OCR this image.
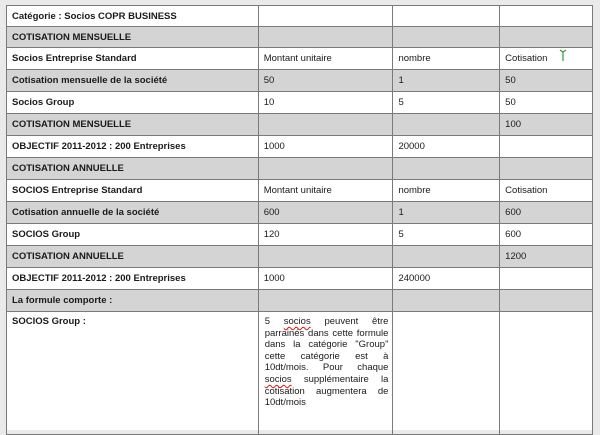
Catégorie : Socios COPR BUSINESS			
COTISATION MENSUELLE			
Socios Entreprise Standard	Montant unitaire	nombre	Cotisation
Cotisation mensuelle de la société	50	1	50
Socios Group	10	5	50
COTISATION MENSUELLE			100
OBJECTIF 2011-2012 : 200 Entreprises	1000	20000	
COTISATION ANNUELLE			
SOCIOS Entreprise Standard	Montant unitaire	nombre	Cotisation
Cotisation annuelle de la société	600	1	600
SOCIOS Group	120	5	600
COTISATION ANNUELLE			1200
OBJECTIF 2011-2012 : 200 Entreprises	1000	240000	
La formule comporte :			
SOCIOS Group :	5 socios peuvent être parrainés dans cette formule dans la catégorie "Group" cette catégorie est à 10dt/mois. Pour chaque socios supplémentaire la cotisation augmentera de 10dt/mois		
